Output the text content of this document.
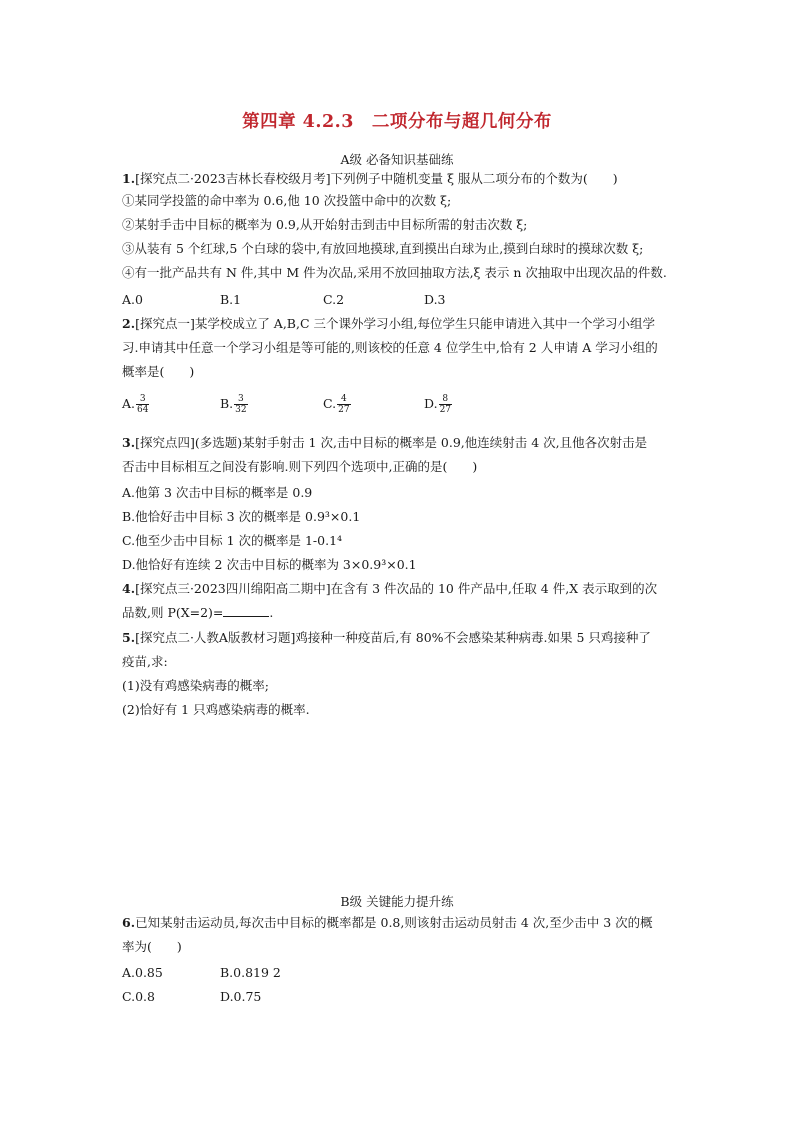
第四章 4.2.3　二项分布与超几何分布
A级 必备知识基础练
1.[探究点二·2023吉林长春校级月考]下列例子中随机变量 ξ 服从二项分布的个数为(　　)
①某同学投篮的命中率为 0.6,他 10 次投篮中命中的次数 ξ;
②某射手击中目标的概率为 0.9,从开始射击到击中目标所需的射击次数 ξ;
③从装有 5 个红球,5 个白球的袋中,有放回地摸球,直到摸出白球为止,摸到白球时的摸球次数 ξ;
④有一批产品共有 N 件,其中 M 件为次品,采用不放回抽取方法,ξ 表示 n 次抽取中出现次品的件数.
A.0	B.1	C.2	D.3
2.[探究点一]某学校成立了 A,B,C 三个课外学习小组,每位学生只能申请进入其中一个学习小组学
习.申请其中任意一个学习小组是等可能的,则该校的任意 4 位学生中,恰有 2 人申请 A 学习小组的
概率是(　　)
A. $\frac{3}{64}$	B. $\frac{3}{32}$	C. $\frac{4}{27}$	D. $\frac{8}{27}$
3.[探究点四](多选题)某射手射击 1 次,击中目标的概率是 0.9,他连续射击 4 次,且他各次射击是
否击中目标相互之间没有影响.则下列四个选项中,正确的是(　　)
A.他第 3 次击中目标的概率是 0.9
B.他恰好击中目标 3 次的概率是 0.9³×0.1
C.他至少击中目标 1 次的概率是 1-0.1⁴
D.他恰好有连续 2 次击中目标的概率为 3×0.9³×0.1
4.[探究点三·2023四川绵阳高二期中]在含有 3 件次品的 10 件产品中,任取 4 件,X 表示取到的次
品数,则 P(X=2)=	.
5.[探究点二·人教A版教材习题]鸡接种一种疫苗后,有 80%不会感染某种病毒.如果 5 只鸡接种了
疫苗,求:
(1)没有鸡感染病毒的概率;
(2)恰好有 1 只鸡感染病毒的概率.
B级 关键能力提升练
6.已知某射击运动员,每次击中目标的概率都是 0.8,则该射击运动员射击 4 次,至少击中 3 次的概
率为(　　)
A.0.85	B.0.819 2
C.0.8	D.0.75
